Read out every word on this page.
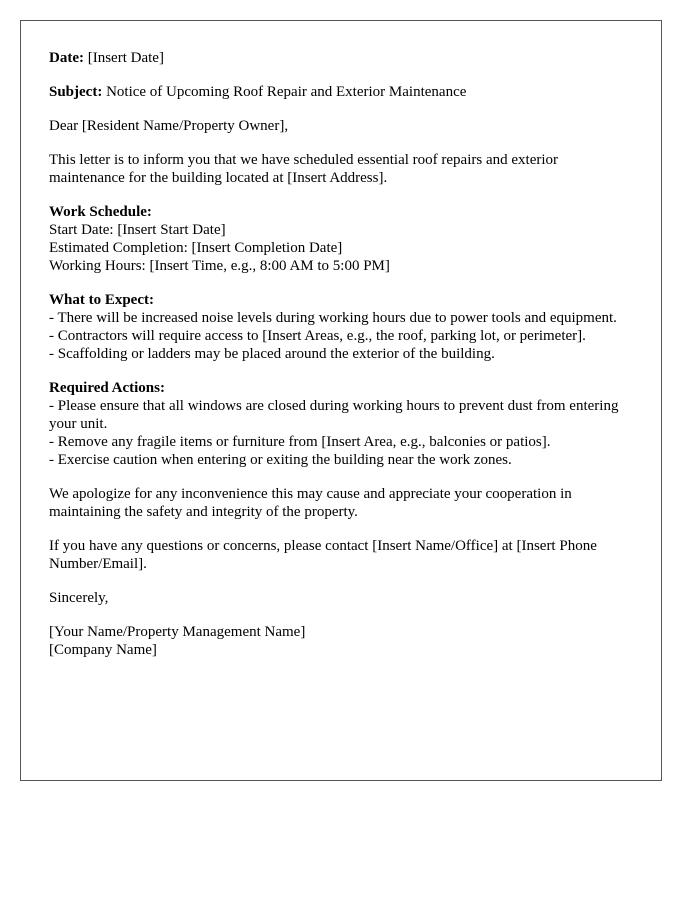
Date: [Insert Date]

Subject: Notice of Upcoming Roof Repair and Exterior Maintenance

Dear [Resident Name/Property Owner],

This letter is to inform you that we have scheduled essential roof repairs and exterior maintenance for the building located at [Insert Address].

Work Schedule:
Start Date: [Insert Start Date]
Estimated Completion: [Insert Completion Date]
Working Hours: [Insert Time, e.g., 8:00 AM to 5:00 PM]
What to Expect:
- There will be increased noise levels during working hours due to power tools and equipment.
- Contractors will require access to [Insert Areas, e.g., the roof, parking lot, or perimeter].
- Scaffolding or ladders may be placed around the exterior of the building.
Required Actions:
- Please ensure that all windows are closed during working hours to prevent dust from entering your unit.
- Remove any fragile items or furniture from [Insert Area, e.g., balconies or patios].
- Exercise caution when entering or exiting the building near the work zones.

We apologize for any inconvenience this may cause and appreciate your cooperation in maintaining the safety and integrity of the property.

If you have any questions or concerns, please contact [Insert Name/Office] at [Insert Phone Number/Email].

Sincerely,

[Your Name/Property Management Name]
[Company Name]
